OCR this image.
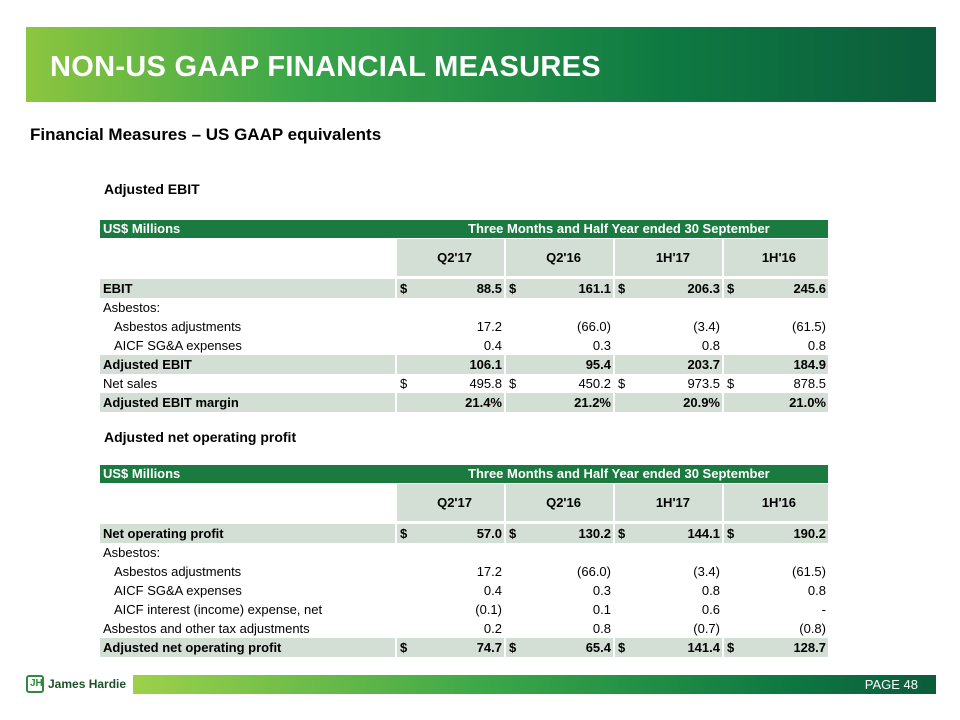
NON-US GAAP FINANCIAL MEASURES
Financial Measures – US GAAP equivalents
Adjusted EBIT
US$ Millions	Three Months and Half Year ended 30 September
Q2'17	Q2'16	1H'17	1H'16
EBIT	$	88.5 $	161.1 $	206.3 $	245.6
Asbestos:
Asbestos adjustments	17.2	(66.0)	(3.4)	(61.5)
AICF SG&A expenses	0.4	0.3	0.8	0.8
Adjusted EBIT	106.1	95.4	203.7	184.9
Net sales	$	495.8 $	450.2 $	973.5 $	878.5
Adjusted EBIT margin	21.4%	21.2%	20.9%	21.0%
Adjusted net operating profit
US$ Millions	Three Months and Half Year ended 30 September
Q2'17	Q2'16	1H'17	1H'16
Net operating profit	$	57.0 $	130.2 $	144.1 $	190.2
Asbestos:
Asbestos adjustments	17.2	(66.0)	(3.4)	(61.5)
AICF SG&A expenses	0.4	0.3	0.8	0.8
AICF interest (income) expense, net	(0.1)	0.1	0.6	-
Asbestos and other tax adjustments	0.2	0.8	(0.7)	(0.8)
Adjusted net operating profit	$	74.7 $	65.4 $	141.4 $	128.7
JH James Hardie	PAGE 48
